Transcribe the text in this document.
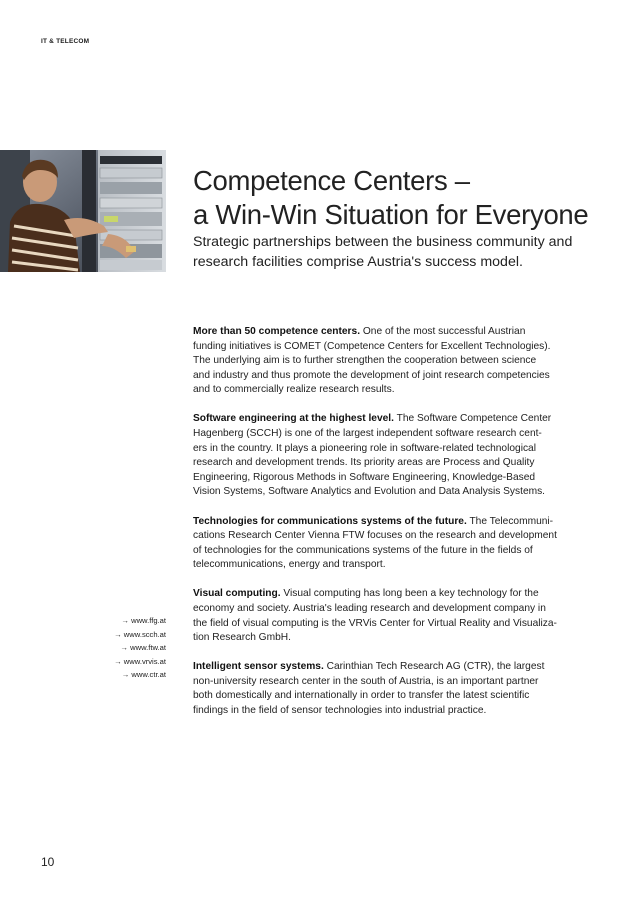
IT & TELECOM
Competence Centers –
a Win-Win Situation for Everyone
Strategic partnerships between the business community and
research facilities comprise Austria's success model.

More than 50 competence centers. One of the most successful Austrian
funding initiatives is COMET (Competence Centers for Excellent Technologies).
The underlying aim is to further strengthen the cooperation between science
and industry and thus promote the development of joint research competencies
and to commercially realize research results.

Software engineering at the highest level. The Software Competence Center
Hagenberg (SCCH) is one of the largest independent software research cent-
ers in the country. It plays a pioneering role in software-related technological
research and development trends. Its priority areas are Process and Quality
Engineering, Rigorous Methods in Software Engineering, Knowledge-Based
Vision Systems, Software Analytics and Evolution and Data Analysis Systems.

Technologies for communications systems of the future. The Telecommuni-
cations Research Center Vienna FTW focuses on the research and development
of technologies for the communications systems of the future in the fields of
telecommunications, energy and transport.

Visual computing. Visual computing has long been a key technology for the
economy and society. Austria's leading research and development company in
the field of visual computing is the VRVis Center for Virtual Reality and Visualiza-
tion Research GmbH.

Intelligent sensor systems. Carinthian Tech Research AG (CTR), the largest
non-university research center in the south of Austria, is an important partner
both domestically and internationally in order to transfer the latest scientific
findings in the field of sensor technologies into industrial practice.

→ www.ffg.at
→ www.scch.at
→ www.ftw.at
→ www.vrvis.at
→ www.ctr.at
10
